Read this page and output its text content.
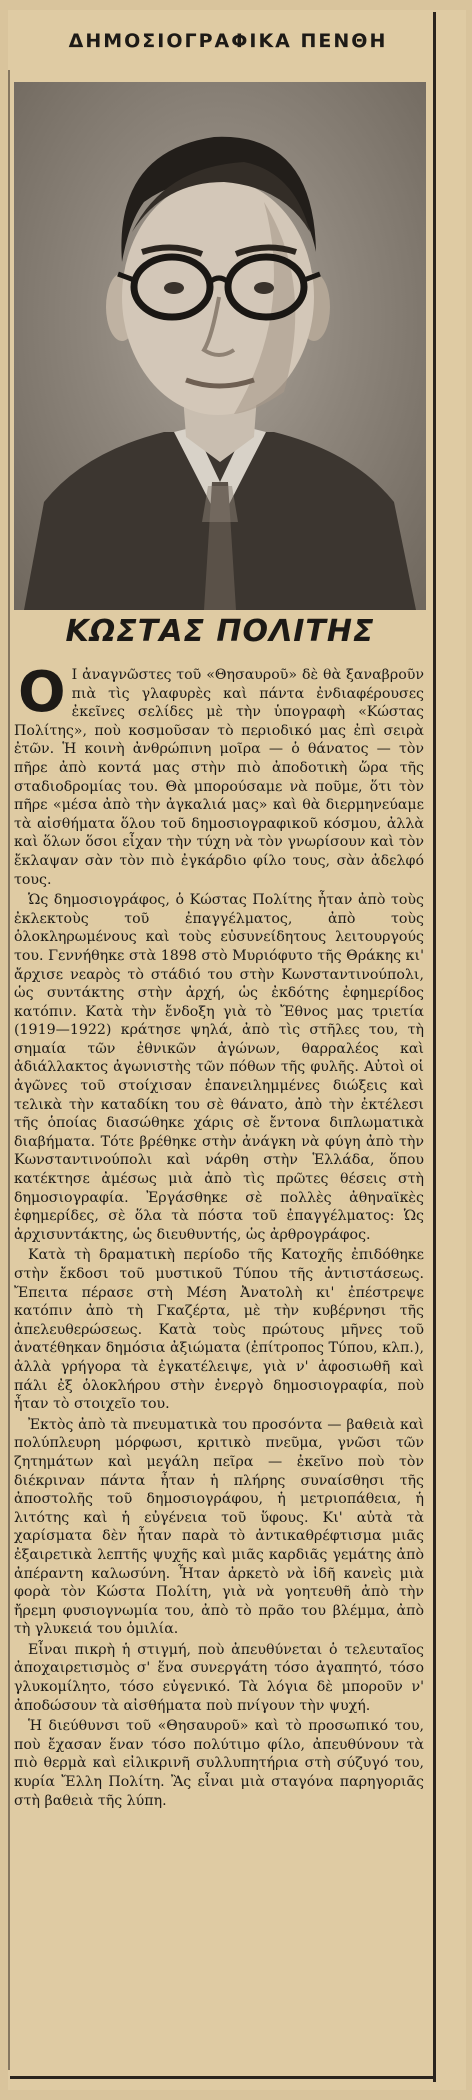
ΔΗΜΟΣΙΟΓΡΑΦΙΚΑ ΠΕΝΘΗ
ΚΩΣΤΑΣ ΠΟΛΙΤΗΣ

Ο Ι ἀναγνῶστες τοῦ «Θησαυροῦ» δὲ θὰ ξαναβροῦν πιὰ τὶς γλαφυρὲς καὶ πάντα ἐνδιαφέρουσες ἐκεῖνες σελίδες μὲ τὴν ὑπογραφὴ «Κώστας Πολίτης», ποὺ κοσμοῦσαν τὸ περιοδικό μας ἐπὶ σειρὰ ἐτῶν. Ἡ κοινὴ ἀνθρώπινη μοῖρα — ὁ θάνατος — τὸν πῆρε ἀπὸ κοντά μας στὴν πιὸ ἀποδοτικὴ ὥρα τῆς σταδιοδρομίας του. Θὰ μπορούσαμε νὰ ποῦμε, ὅτι τὸν πῆρε «μέσα ἀπὸ τὴν ἀγκαλιά μας» καὶ θὰ διερμηνεύαμε τὰ αἰσθήματα ὅλου τοῦ δημοσιογραφικοῦ κόσμου, ἀλλὰ καὶ ὅλων ὅσοι εἶχαν τὴν τύχη νὰ τὸν γνωρίσουν καὶ τὸν ἔκλαψαν σὰν τὸν πιὸ ἐγκάρδιο φίλο τους, σὰν ἀδελφό τους.

Ὡς δημοσιογράφος, ὁ Κώστας Πολίτης ἦταν ἀπὸ τοὺς ἐκλεκτοὺς τοῦ ἐπαγγέλματος, ἀπὸ τοὺς ὁλοκληρωμένους καὶ τοὺς εὐσυνείδητους λειτουργούς του. Γεννήθηκε στὰ 1898 στὸ Μυριόφυτο τῆς Θράκης κι' ἄρχισε νεαρὸς τὸ στάδιό του στὴν Κωνσταντινούπολι, ὡς συντάκτης στὴν ἀρχή, ὡς ἐκδότης ἐφημερίδος κατόπιν. Κατὰ τὴν ἔνδοξη γιὰ τὸ Ἔθνος μας τριετία (1919—1922) κράτησε ψηλά, ἀπὸ τὶς στῆλες του, τὴ σημαία τῶν ἐθνικῶν ἀγώνων, θαρραλέος καὶ ἀδιάλλακτος ἀγωνιστὴς τῶν πόθων τῆς φυλῆς. Αὐτοὶ οἱ ἀγῶνες τοῦ στοίχισαν ἐπανειλημμένες διώξεις καὶ τελικὰ τὴν καταδίκη του σὲ θάνατο, ἀπὸ τὴν ἐκτέλεσι τῆς ὁποίας διασώθηκε χάρις σὲ ἔντονα διπλωματικὰ διαβήματα. Τότε βρέθηκε στὴν ἀνάγκη νὰ φύγη ἀπὸ τὴν Κωνσταντινούπολι καὶ νάρθη στὴν Ἑλλάδα, ὅπου κατέκτησε ἀμέσως μιὰ ἀπὸ τὶς πρῶτες θέσεις στὴ δημοσιογραφία. Ἐργάσθηκε σὲ πολλὲς ἀθηναϊκὲς ἐφημερίδες, σὲ ὅλα τὰ πόστα τοῦ ἐπαγγέλματος: Ὡς ἀρχισυντάκτης, ὡς διευθυντής, ὡς ἀρθρογράφος.

Κατὰ τὴ δραματικὴ περίοδο τῆς Κατοχῆς ἐπιδόθηκε στὴν ἔκδοσι τοῦ μυστικοῦ Τύπου τῆς ἀντιστάσεως. Ἔπειτα πέρασε στὴ Μέση Ἀνατολὴ κι' ἐπέστρεψε κατόπιν ἀπὸ τὴ Γκαζέρτα, μὲ τὴν κυβέρνησι τῆς ἀπελευθερώσεως. Κατὰ τοὺς πρώτους μῆνες τοῦ ἀνατέθηκαν δημόσια ἀξιώματα (ἐπίτροπος Τύπου, κλπ.), ἀλλὰ γρήγορα τὰ ἐγκατέλειψε, γιὰ ν' ἀφοσιωθῆ καὶ πάλι ἐξ ὁλοκλήρου στὴν ἐνεργὸ δημοσιογραφία, ποὺ ἦταν τὸ στοιχεῖο του.

Ἐκτὸς ἀπὸ τὰ πνευματικὰ του προσόντα — βαθειὰ καὶ πολύπλευρη μόρφωσι, κριτικὸ πνεῦμα, γνῶσι τῶν ζητημάτων καὶ μεγάλη πεῖρα — ἐκεῖνο ποὺ τὸν διέκριναν πάντα ἦταν ἡ πλήρης συναίσθησι τῆς ἀποστολῆς τοῦ δημοσιογράφου, ἡ μετριοπάθεια, ἡ λιτότης καὶ ἡ εὐγένεια τοῦ ὕφους. Κι' αὐτὰ τὰ χαρίσματα δὲν ἦταν παρὰ τὸ ἀντικαθρέφτισμα μιᾶς ἐξαιρετικὰ λεπτῆς ψυχῆς καὶ μιᾶς καρδιᾶς γεμάτης ἀπὸ ἀπέραντη καλωσύνη. Ἦταν ἀρκετὸ νὰ ἰδῆ κανεὶς μιὰ φορὰ τὸν Κώστα Πολίτη, γιὰ νὰ γοητευθῆ ἀπὸ τὴν ἤρεμη φυσιογνωμία του, ἀπὸ τὸ πρᾶο του βλέμμα, ἀπὸ τὴ γλυκειά του ὁμιλία.

Εἶναι πικρὴ ἡ στιγμή, ποὺ ἀπευθύνεται ὁ τελευταῖος ἀποχαιρετισμὸς σ' ἕνα συνεργάτη τόσο ἀγαπητό, τόσο γλυκομίλητο, τόσο εὐγενικό. Τὰ λόγια δὲ μποροῦν ν' ἀποδώσουν τὰ αἰσθήματα ποὺ πνίγουν τὴν ψυχή.

Ἡ διεύθυνσι τοῦ «Θησαυροῦ» καὶ τὸ προσωπικό του, ποὺ ἔχασαν ἕναν τόσο πολύτιμο φίλο, ἀπευθύνουν τὰ πιὸ θερμὰ καὶ εἰλικρινῆ συλλυπητήρια στὴ σύζυγό του, κυρία Ἔλλη Πολίτη. Ἂς εἶναι μιὰ σταγόνα παρηγοριᾶς στὴ βαθειὰ τῆς λύπη.
